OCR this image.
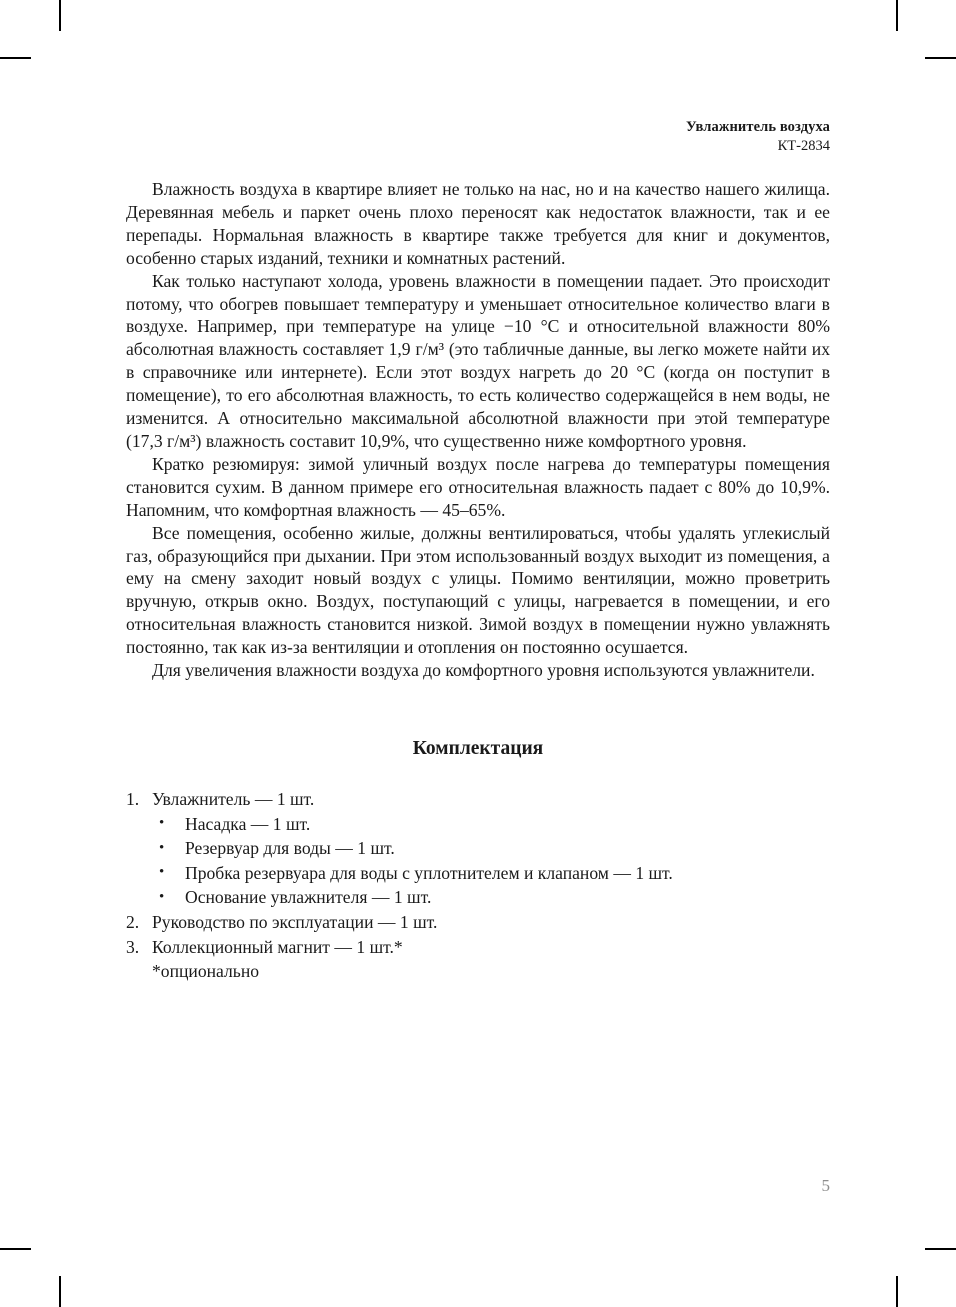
Увлажнитель воздуха
КТ-2834

Влажность воздуха в квартире влияет не только на нас, но и на качество нашего жилища. Деревянная мебель и паркет очень плохо переносят как недостаток влажности, так и ее перепады. Нормальная влажность в квартире также требуется для книг и документов, особенно старых изданий, техники и комнатных растений.

Как только наступают холода, уровень влажности в помещении падает. Это происходит потому, что обогрев повышает температуру и уменьшает относительное количество влаги в воздухе. Например, при температуре на улице −10 °C и относительной влажности 80% абсолютная влажность составляет 1,9 г/м³ (это табличные данные, вы легко можете найти их в справочнике или интернете). Если этот воздух нагреть до 20 °C (когда он поступит в помещение), то его абсолютная влажность, то есть количество содержащейся в нем воды, не изменится. А относительно максимальной абсолютной влажности при этой температуре (17,3 г/м³) влажность составит 10,9%, что существенно ниже комфортного уровня.

Кратко резюмируя: зимой уличный воздух после нагрева до температуры помещения становится сухим. В данном примере его относительная влажность падает с 80% до 10,9%. Напомним, что комфортная влажность — 45‒65%.

Все помещения, особенно жилые, должны вентилироваться, чтобы удалять углекислый газ, образующийся при дыхании. При этом использованный воздух выходит из помещения, а ему на смену заходит новый воздух с улицы. Помимо вентиляции, можно проветрить вручную, открыв окно. Воздух, поступающий с улицы, нагревается в помещении, и его относительная влажность становится низкой. Зимой воздух в помещении нужно увлажнять постоянно, так как из-за вентиляции и отопления он постоянно осушается.

Для увеличения влажности воздуха до комфортного уровня используются увлажнители.

Комплектация
1. Увлажнитель — 1 шт.
• Насадка — 1 шт.
• Резервуар для воды — 1 шт.
• Пробка резервуара для воды с уплотнителем и клапаном — 1 шт.
• Основание увлажнителя — 1 шт.
2. Руководство по эксплуатации — 1 шт.
3. Коллекционный магнит — 1 шт.*
*опционально
5
